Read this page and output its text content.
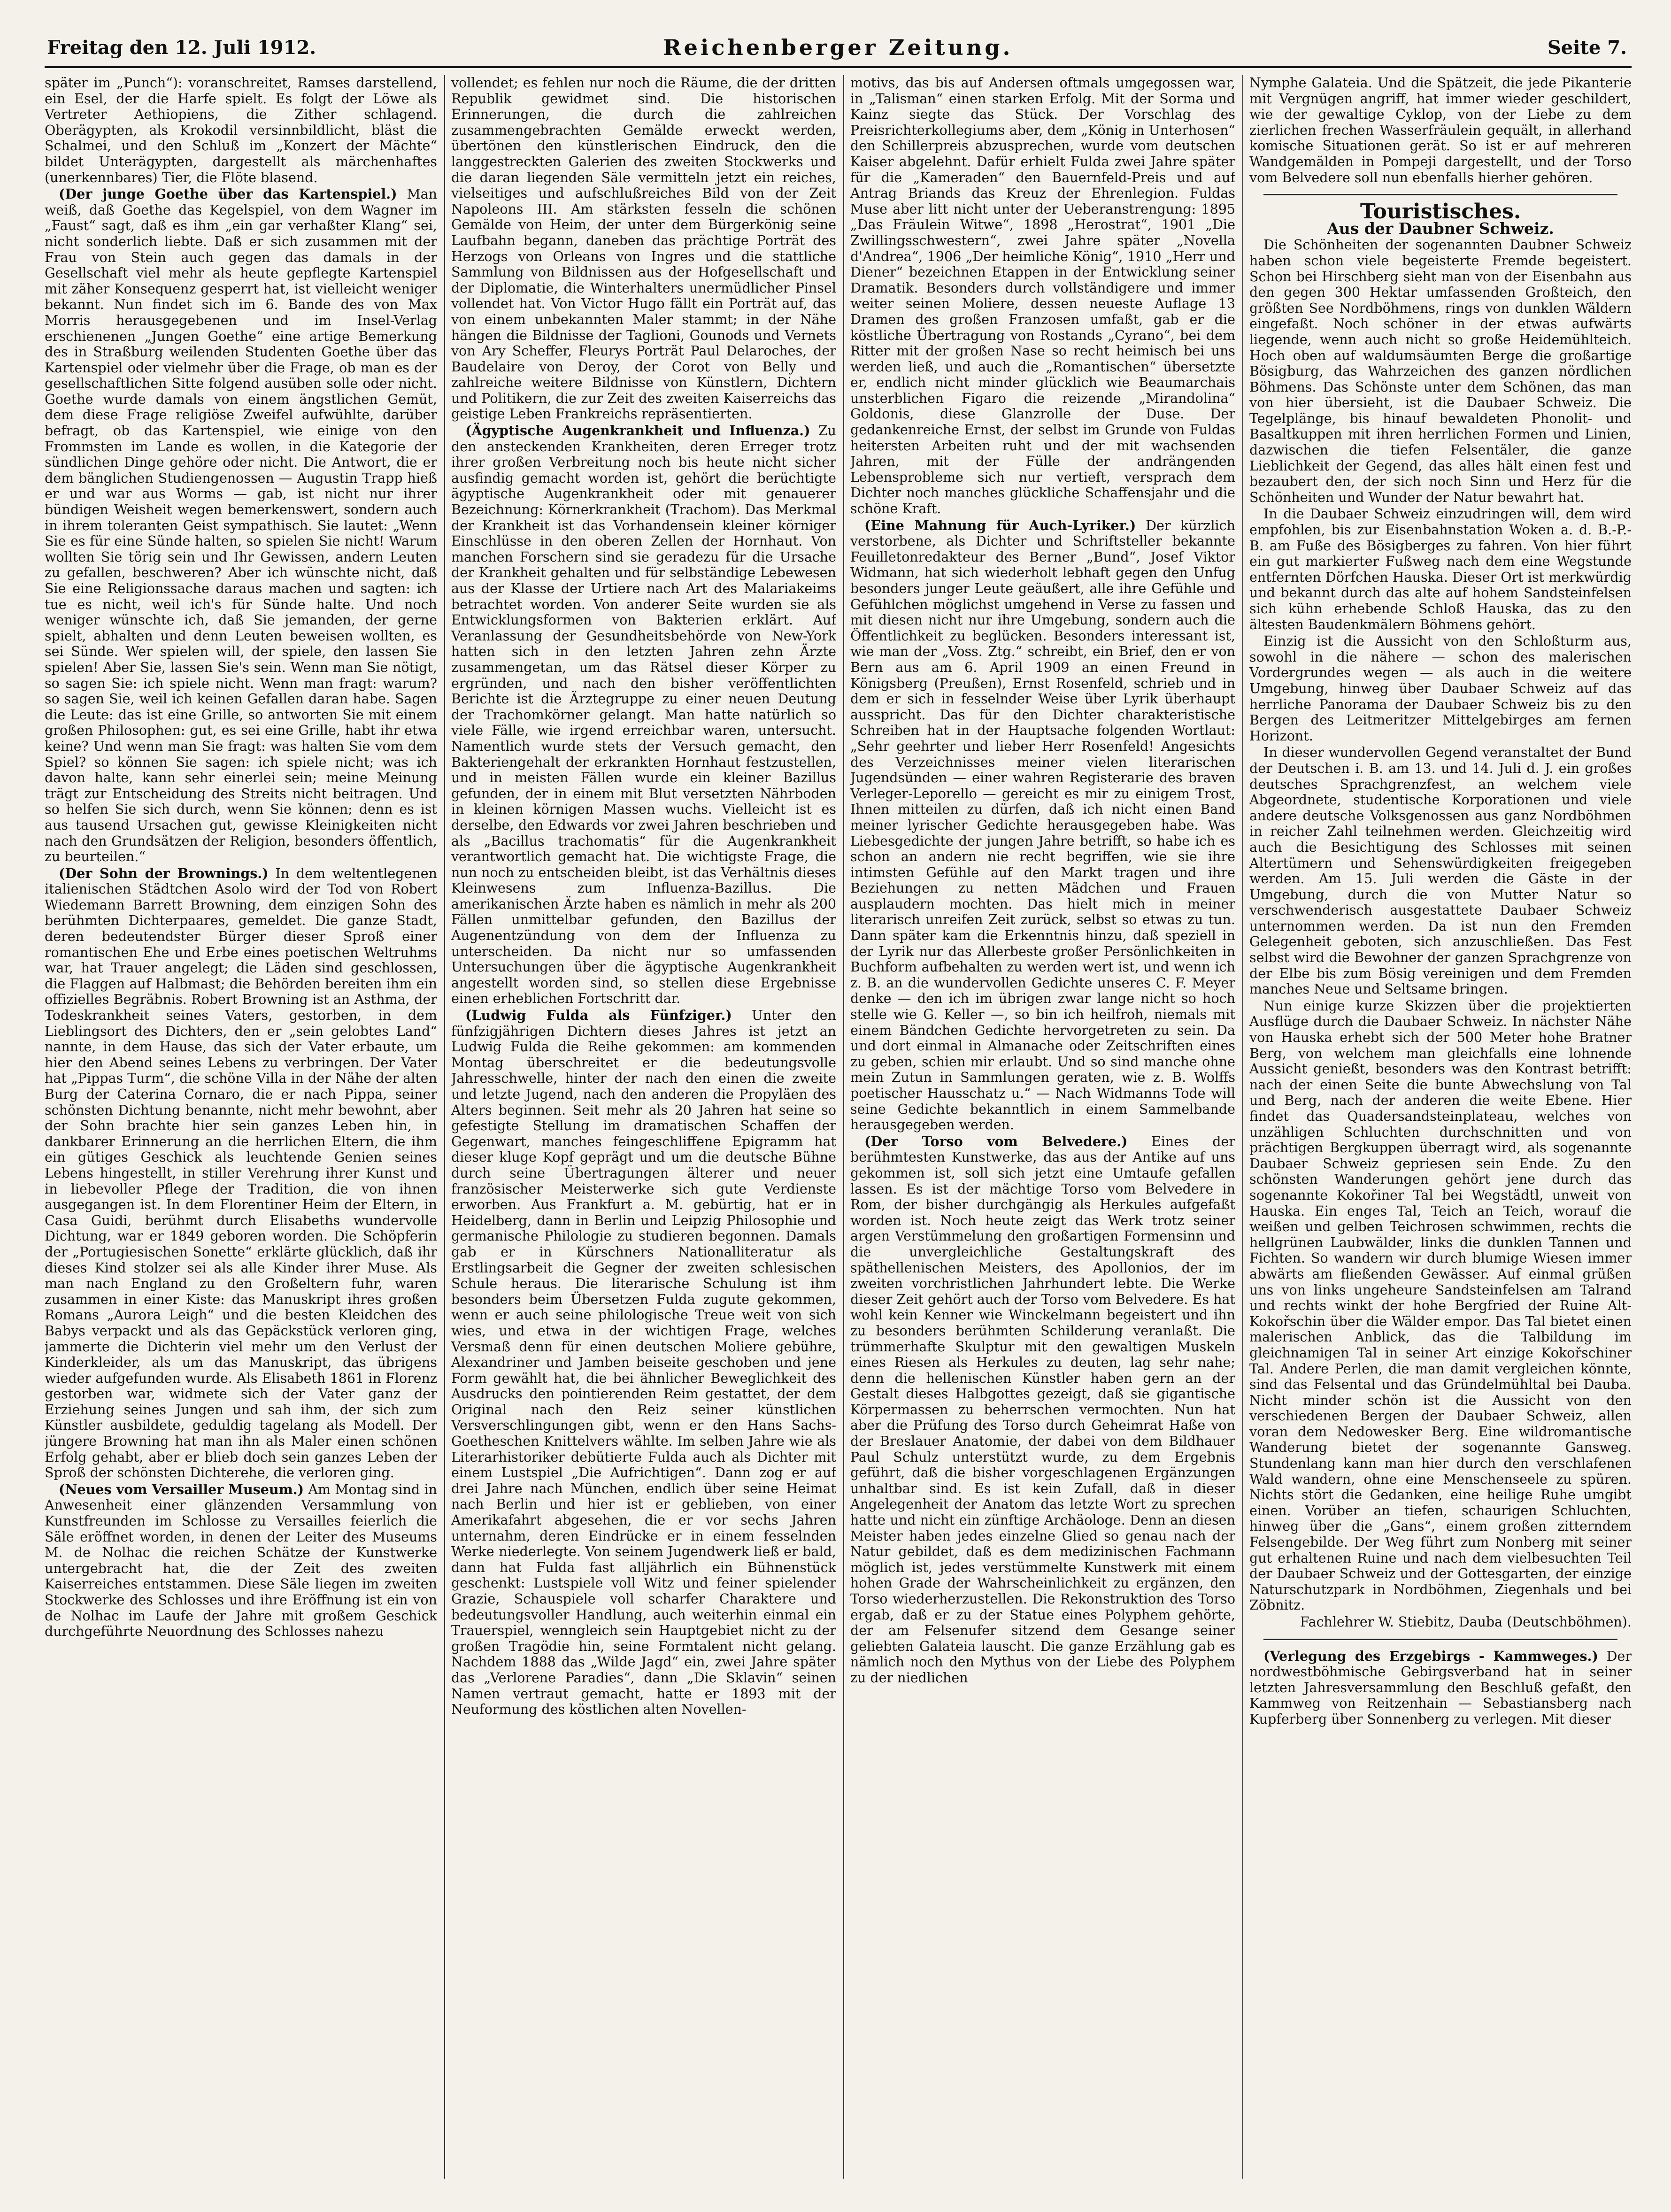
Freitag den 12. Juli 1912.	Reichenberger Zeitung.	Seite 7.

später im „Punch“): voranschreitet, Ramses darstellend, ein Esel, der die Harfe spielt. Es folgt der Löwe als Vertreter Aethiopiens, die Zither schlagend. Oberägypten, als Krokodil versinnbildlicht, bläst die Schalmei, und den Schluß im „Konzert der Mächte“ bildet Unterägypten, dargestellt als märchenhaftes (unerkennbares) Tier, die Flöte blasend.

(Der junge Goethe über das Kartenspiel.) Man weiß, daß Goethe das Kegelspiel, von dem Wagner im „Faust“ sagt, daß es ihm „ein gar verhaßter Klang“ sei, nicht sonderlich liebte. Daß er sich zusammen mit der Frau von Stein auch gegen das damals in der Gesellschaft viel mehr als heute gepflegte Kartenspiel mit zäher Konsequenz gesperrt hat, ist vielleicht weniger bekannt. Nun findet sich im 6. Bande des von Max Morris herausgegebenen und im Insel-Verlag erschienenen „Jungen Goethe“ eine artige Bemerkung des in Straßburg weilenden Studenten Goethe über das Kartenspiel oder vielmehr über die Frage, ob man es der gesellschaftlichen Sitte folgend ausüben solle oder nicht. Goethe wurde damals von einem ängstlichen Gemüt, dem diese Frage religiöse Zweifel aufwühlte, darüber befragt, ob das Kartenspiel, wie einige von den Frommsten im Lande es wollen, in die Kategorie der sündlichen Dinge gehöre oder nicht. Die Antwort, die er dem bänglichen Studiengenossen — Augustin Trapp hieß er und war aus Worms — gab, ist nicht nur ihrer bündigen Weisheit wegen bemerkenswert, sondern auch in ihrem toleranten Geist sympathisch. Sie lautet: „Wenn Sie es für eine Sünde halten, so spielen Sie nicht! Warum wollten Sie törig sein und Ihr Gewissen, andern Leuten zu gefallen, beschweren? Aber ich wünschte nicht, daß Sie eine Religionssache daraus machen und sagten: ich tue es nicht, weil ich's für Sünde halte. Und noch weniger wünschte ich, daß Sie jemanden, der gerne spielt, abhalten und denn Leuten beweisen wollten, es sei Sünde. Wer spielen will, der spiele, den lassen Sie spielen! Aber Sie, lassen Sie's sein. Wenn man Sie nötigt, so sagen Sie: ich spiele nicht. Wenn man fragt: warum? so sagen Sie, weil ich keinen Gefallen daran habe. Sagen die Leute: das ist eine Grille, so antworten Sie mit einem großen Philosophen: gut, es sei eine Grille, habt ihr etwa keine? Und wenn man Sie fragt: was halten Sie vom dem Spiel? so können Sie sagen: ich spiele nicht; was ich davon halte, kann sehr einerlei sein; meine Meinung trägt zur Entscheidung des Streits nicht beitragen. Und so helfen Sie sich durch, wenn Sie können; denn es ist aus tausend Ursachen gut, gewisse Kleinigkeiten nicht nach den Grundsätzen der Religion, besonders öffentlich, zu beurteilen.“

(Der Sohn der Brownings.) In dem weltentlegenen italienischen Städtchen Asolo wird der Tod von Robert Wiedemann Barrett Browning, dem einzigen Sohn des berühmten Dichterpaares, gemeldet. Die ganze Stadt, deren bedeutendster Bürger dieser Sproß einer romantischen Ehe und Erbe eines poetischen Weltruhms war, hat Trauer angelegt; die Läden sind geschlossen, die Flaggen auf Halbmast; die Behörden bereiten ihm ein offizielles Begräbnis. Robert Browning ist an Asthma, der Todeskrankheit seines Vaters, gestorben, in dem Lieblingsort des Dichters, den er „sein gelobtes Land“ nannte, in dem Hause, das sich der Vater erbaute, um hier den Abend seines Lebens zu verbringen. Der Vater hat „Pippas Turm“, die schöne Villa in der Nähe der alten Burg der Caterina Cornaro, die er nach Pippa, seiner schönsten Dichtung benannte, nicht mehr bewohnt, aber der Sohn brachte hier sein ganzes Leben hin, in dankbarer Erinnerung an die herrlichen Eltern, die ihm ein gütiges Geschick als leuchtende Genien seines Lebens hingestellt, in stiller Verehrung ihrer Kunst und in liebevoller Pflege der Tradition, die von ihnen ausgegangen ist. In dem Florentiner Heim der Eltern, in Casa Guidi, berühmt durch Elisabeths wundervolle Dichtung, war er 1849 geboren worden. Die Schöpferin der „Portugiesischen Sonette“ erklärte glücklich, daß ihr dieses Kind stolzer sei als alle Kinder ihrer Muse. Als man nach England zu den Großeltern fuhr, waren zusammen in einer Kiste: das Manuskript ihres großen Romans „Aurora Leigh“ und die besten Kleidchen des Babys verpackt und als das Gepäckstück verloren ging, jammerte die Dichterin viel mehr um den Verlust der Kinderkleider, als um das Manuskript, das übrigens wieder aufgefunden wurde. Als Elisabeth 1861 in Florenz gestorben war, widmete sich der Vater ganz der Erziehung seines Jungen und sah ihm, der sich zum Künstler ausbildete, geduldig tagelang als Modell. Der jüngere Browning hat man ihn als Maler einen schönen Erfolg gehabt, aber er blieb doch sein ganzes Leben der Sproß der schönsten Dichterehe, die verloren ging.

(Neues vom Versailler Museum.) Am Montag sind in Anwesenheit einer glänzenden Versammlung von Kunstfreunden im Schlosse zu Versailles feierlich die Säle eröffnet worden, in denen der Leiter des Museums M. de Nolhac die reichen Schätze der Kunstwerke untergebracht hat, die der Zeit des zweiten Kaiserreiches entstammen. Diese Säle liegen im zweiten Stockwerke des Schlosses und ihre Eröffnung ist ein von de Nolhac im Laufe der Jahre mit großem Geschick durchgeführte Neuordnung des Schlosses nahezu

vollendet; es fehlen nur noch die Räume, die der dritten Republik gewidmet sind. Die historischen Erinnerungen, die durch die zahlreichen zusammengebrachten Gemälde erweckt werden, übertönen den künstlerischen Eindruck, den die langgestreckten Galerien des zweiten Stockwerks und die daran liegenden Säle vermitteln jetzt ein reiches, vielseitiges und aufschlußreiches Bild von der Zeit Napoleons III. Am stärksten fesseln die schönen Gemälde von Heim, der unter dem Bürgerkönig seine Laufbahn begann, daneben das prächtige Porträt des Herzogs von Orleans von Ingres und die stattliche Sammlung von Bildnissen aus der Hofgesellschaft und der Diplomatie, die Winterhalters unermüdlicher Pinsel vollendet hat. Von Victor Hugo fällt ein Porträt auf, das von einem unbekannten Maler stammt; in der Nähe hängen die Bildnisse der Taglioni, Gounods und Vernets von Ary Scheffer, Fleurys Porträt Paul Delaroches, der Baudelaire von Deroy, der Corot von Belly und zahlreiche weitere Bildnisse von Künstlern, Dichtern und Politikern, die zur Zeit des zweiten Kaiserreichs das geistige Leben Frankreichs repräsentierten.

(Ägyptische Augenkrankheit und Influenza.) Zu den ansteckenden Krankheiten, deren Erreger trotz ihrer großen Verbreitung noch bis heute nicht sicher ausfindig gemacht worden ist, gehört die berüchtigte ägyptische Augenkrankheit oder mit genauerer Bezeichnung: Körnerkrankheit (Trachom). Das Merkmal der Krankheit ist das Vorhandensein kleiner körniger Einschlüsse in den oberen Zellen der Hornhaut. Von manchen Forschern sind sie geradezu für die Ursache der Krankheit gehalten und für selbständige Lebewesen aus der Klasse der Urtiere nach Art des Malariakeims betrachtet worden. Von anderer Seite wurden sie als Entwicklungsformen von Bakterien erklärt. Auf Veranlassung der Gesundheitsbehörde von New-York hatten sich in den letzten Jahren zehn Ärzte zusammengetan, um das Rätsel dieser Körper zu ergründen, und nach den bisher veröffentlichten Berichte ist die Ärztegruppe zu einer neuen Deutung der Trachomkörner gelangt. Man hatte natürlich so viele Fälle, wie irgend erreichbar waren, untersucht. Namentlich wurde stets der Versuch gemacht, den Bakteriengehalt der erkrankten Hornhaut festzustellen, und in meisten Fällen wurde ein kleiner Bazillus gefunden, der in einem mit Blut versetzten Nährboden in kleinen körnigen Massen wuchs. Vielleicht ist es derselbe, den Edwards vor zwei Jahren beschrieben und als „Bacillus trachomatis“ für die Augenkrankheit verantwortlich gemacht hat. Die wichtigste Frage, die nun noch zu entscheiden bleibt, ist das Verhältnis dieses Kleinwesens zum Influenza-Bazillus. Die amerikanischen Ärzte haben es nämlich in mehr als 200 Fällen unmittelbar gefunden, den Bazillus der Augenentzündung von dem der Influenza zu unterscheiden. Da nicht nur so umfassenden Untersuchungen über die ägyptische Augenkrankheit angestellt worden sind, so stellen diese Ergebnisse einen erheblichen Fortschritt dar.

(Ludwig Fulda als Fünfziger.) Unter den fünfzigjährigen Dichtern dieses Jahres ist jetzt an Ludwig Fulda die Reihe gekommen: am kommenden Montag überschreitet er die bedeutungsvolle Jahresschwelle, hinter der nach den einen die zweite und letzte Jugend, nach den anderen die Propyläen des Alters beginnen. Seit mehr als 20 Jahren hat seine so gefestigte Stellung im dramatischen Schaffen der Gegenwart, manches feingeschliffene Epigramm hat dieser kluge Kopf geprägt und um die deutsche Bühne durch seine Übertragungen älterer und neuer französischer Meisterwerke sich gute Verdienste erworben. Aus Frankfurt a. M. gebürtig, hat er in Heidelberg, dann in Berlin und Leipzig Philosophie und germanische Philologie zu studieren begonnen. Damals gab er in Kürschners Nationalliteratur als Erstlingsarbeit die Gegner der zweiten schlesischen Schule heraus. Die literarische Schulung ist ihm besonders beim Übersetzen Fulda zugute gekommen, wenn er auch seine philologische Treue weit von sich wies, und etwa in der wichtigen Frage, welches Versmaß denn für einen deutschen Moliere gebühre, Alexandriner und Jamben beiseite geschoben und jene Form gewählt hat, die bei ähnlicher Beweglichkeit des Ausdrucks den pointierenden Reim gestattet, der dem Original nach den Reiz seiner künstlichen Versverschlingungen gibt, wenn er den Hans Sachs-Goetheschen Knittelvers wählte. Im selben Jahre wie als Literarhistoriker debütierte Fulda auch als Dichter mit einem Lustspiel „Die Aufrichtigen“. Dann zog er auf drei Jahre nach München, endlich über seine Heimat nach Berlin und hier ist er geblieben, von einer Amerikafahrt abgesehen, die er vor sechs Jahren unternahm, deren Eindrücke er in einem fesselnden Werke niederlegte. Von seinem Jugendwerk ließ er bald, dann hat Fulda fast alljährlich ein Bühnenstück geschenkt: Lustspiele voll Witz und feiner spielender Grazie, Schauspiele voll scharfer Charaktere und bedeutungsvoller Handlung, auch weiterhin einmal ein Trauerspiel, wenngleich sein Hauptgebiet nicht zu der großen Tragödie hin, seine Formtalent nicht gelang. Nachdem 1888 das „Wilde Jagd“ ein, zwei Jahre später das „Verlorene Paradies“, dann „Die Sklavin“ seinen Namen vertraut gemacht, hatte er 1893 mit der Neuformung des köstlichen alten Novellen-

motivs, das bis auf Andersen oftmals umgegossen war, in „Talisman“ einen starken Erfolg. Mit der Sorma und Kainz siegte das Stück. Der Vorschlag des Preisrichterkollegiums aber, dem „König in Unterhosen“ den Schillerpreis abzusprechen, wurde vom deutschen Kaiser abgelehnt. Dafür erhielt Fulda zwei Jahre später für die „Kameraden“ den Bauernfeld-Preis und auf Antrag Briands das Kreuz der Ehrenlegion. Fuldas Muse aber litt nicht unter der Ueberanstrengung: 1895 „Das Fräulein Witwe“, 1898 „Herostrat“, 1901 „Die Zwillingsschwestern“, zwei Jahre später „Novella d'Andrea“, 1906 „Der heimliche König“, 1910 „Herr und Diener“ bezeichnen Etappen in der Entwicklung seiner Dramatik. Besonders durch vollständigere und immer weiter seinen Moliere, dessen neueste Auflage 13 Dramen des großen Franzosen umfaßt, gab er die köstliche Übertragung von Rostands „Cyrano“, bei dem Ritter mit der großen Nase so recht heimisch bei uns werden ließ, und auch die „Romantischen“ übersetzte er, endlich nicht minder glücklich wie Beaumarchais unsterblichen Figaro die reizende „Mirandolina“ Goldonis, diese Glanzrolle der Duse. Der gedankenreiche Ernst, der selbst im Grunde von Fuldas heitersten Arbeiten ruht und der mit wachsenden Jahren, mit der Fülle der andrängenden Lebensprobleme sich nur vertieft, versprach dem Dichter noch manches glückliche Schaffensjahr und die schöne Kraft.

(Eine Mahnung für Auch-Lyriker.) Der kürzlich verstorbene, als Dichter und Schriftsteller bekannte Feuilletonredakteur des Berner „Bund“, Josef Viktor Widmann, hat sich wiederholt lebhaft gegen den Unfug besonders junger Leute geäußert, alle ihre Gefühle und Gefühlchen möglichst umgehend in Verse zu fassen und mit diesen nicht nur ihre Umgebung, sondern auch die Öffentlichkeit zu beglücken. Besonders interessant ist, wie man der „Voss. Ztg.“ schreibt, ein Brief, den er von Bern aus am 6. April 1909 an einen Freund in Königsberg (Preußen), Ernst Rosenfeld, schrieb und in dem er sich in fesselnder Weise über Lyrik überhaupt ausspricht. Das für den Dichter charakteristische Schreiben hat in der Hauptsache folgenden Wortlaut: „Sehr geehrter und lieber Herr Rosenfeld! Angesichts des Verzeichnisses meiner vielen literarischen Jugendsünden — einer wahren Registerarie des braven Verleger-Leporello — gereicht es mir zu einigem Trost, Ihnen mitteilen zu dürfen, daß ich nicht einen Band meiner lyrischer Gedichte herausgegeben habe. Was Liebesgedichte der jungen Jahre betrifft, so habe ich es schon an andern nie recht begriffen, wie sie ihre intimsten Gefühle auf den Markt tragen und ihre Beziehungen zu netten Mädchen und Frauen ausplaudern mochten. Das hielt mich in meiner literarisch unreifen Zeit zurück, selbst so etwas zu tun. Dann später kam die Erkenntnis hinzu, daß speziell in der Lyrik nur das Allerbeste großer Persönlichkeiten in Buchform aufbehalten zu werden wert ist, und wenn ich z. B. an die wundervollen Gedichte unseres C. F. Meyer denke — den ich im übrigen zwar lange nicht so hoch stelle wie G. Keller —, so bin ich heilfroh, niemals mit einem Bändchen Gedichte hervorgetreten zu sein. Da und dort einmal in Almanache oder Zeitschriften eines zu geben, schien mir erlaubt. Und so sind manche ohne mein Zutun in Sammlungen geraten, wie z. B. Wolffs poetischer Hausschatz u.“ — Nach Widmanns Tode will seine Gedichte bekanntlich in einem Sammelbande herausgegeben werden.

(Der Torso vom Belvedere.) Eines der berühmtesten Kunstwerke, das aus der Antike auf uns gekommen ist, soll sich jetzt eine Umtaufe gefallen lassen. Es ist der mächtige Torso vom Belvedere in Rom, der bisher durchgängig als Herkules aufgefaßt worden ist. Noch heute zeigt das Werk trotz seiner argen Verstümmelung den großartigen Formensinn und die unvergleichliche Gestaltungskraft des späthellenischen Meisters, des Apollonios, der im zweiten vorchristlichen Jahrhundert lebte. Die Werke dieser Zeit gehört auch der Torso vom Belvedere. Es hat wohl kein Kenner wie Winckelmann begeistert und ihn zu besonders berühmten Schilderung veranlaßt. Die trümmerhafte Skulptur mit den gewaltigen Muskeln eines Riesen als Herkules zu deuten, lag sehr nahe; denn die hellenischen Künstler haben gern an der Gestalt dieses Halbgottes gezeigt, daß sie gigantische Körpermassen zu beherrschen vermochten. Nun hat aber die Prüfung des Torso durch Geheimrat Haße von der Breslauer Anatomie, der dabei von dem Bildhauer Paul Schulz unterstützt wurde, zu dem Ergebnis geführt, daß die bisher vorgeschlagenen Ergänzungen unhaltbar sind. Es ist kein Zufall, daß in dieser Angelegenheit der Anatom das letzte Wort zu sprechen hatte und nicht ein zünftige Archäologe. Denn an diesen Meister haben jedes einzelne Glied so genau nach der Natur gebildet, daß es dem medizinischen Fachmann möglich ist, jedes verstümmelte Kunstwerk mit einem hohen Grade der Wahrscheinlichkeit zu ergänzen, den Torso wiederherzustellen. Die Rekonstruktion des Torso ergab, daß er zu der Statue eines Polyphem gehörte, der am Felsenufer sitzend dem Gesange seiner geliebten Galateia lauscht. Die ganze Erzählung gab es nämlich noch den Mythus von der Liebe des Polyphem zu der niedlichen

Nymphe Galateia. Und die Spätzeit, die jede Pikanterie mit Vergnügen angriff, hat immer wieder geschildert, wie der gewaltige Cyklop, von der Liebe zu dem zierlichen frechen Wasserfräulein gequält, in allerhand komische Situationen gerät. So ist er auf mehreren Wandgemälden in Pompeji dargestellt, und der Torso vom Belvedere soll nun ebenfalls hierher gehören.

Touristisches.

Aus der Daubner Schweiz.

Die Schönheiten der sogenannten Daubner Schweiz haben schon viele begeisterte Fremde begeistert. Schon bei Hirschberg sieht man von der Eisenbahn aus den gegen 300 Hektar umfassenden Großteich, den größten See Nordböhmens, rings von dunklen Wäldern eingefaßt. Noch schöner in der etwas aufwärts liegende, wenn auch nicht so große Heidemühlteich. Hoch oben auf waldumsäumten Berge die großartige Bösigburg, das Wahrzeichen des ganzen nördlichen Böhmens. Das Schönste unter dem Schönen, das man von hier übersieht, ist die Daubaer Schweiz. Die Tegelplänge, bis hinauf bewaldeten Phonolit- und Basaltkuppen mit ihren herrlichen Formen und Linien, dazwischen die tiefen Felsentäler, die ganze Lieblichkeit der Gegend, das alles hält einen fest und bezaubert den, der sich noch Sinn und Herz für die Schönheiten und Wunder der Natur bewahrt hat.

In die Daubaer Schweiz einzudringen will, dem wird empfohlen, bis zur Eisenbahnstation Woken a. d. B.-P.-B. am Fuße des Bösigberges zu fahren. Von hier führt ein gut markierter Fußweg nach dem eine Wegstunde entfernten Dörfchen Hauska. Dieser Ort ist merkwürdig und bekannt durch das alte auf hohem Sandsteinfelsen sich kühn erhebende Schloß Hauska, das zu den ältesten Baudenkmälern Böhmens gehört.

Einzig ist die Aussicht von den Schloßturm aus, sowohl in die nähere — schon des malerischen Vordergrundes wegen — als auch in die weitere Umgebung, hinweg über Daubaer Schweiz auf das herrliche Panorama der Daubaer Schweiz bis zu den Bergen des Leitmeritzer Mittelgebirges am fernen Horizont.

In dieser wundervollen Gegend veranstaltet der Bund der Deutschen i. B. am 13. und 14. Juli d. J. ein großes deutsches Sprachgrenzfest, an welchem viele Abgeordnete, studentische Korporationen und viele andere deutsche Volksgenossen aus ganz Nordböhmen in reicher Zahl teilnehmen werden. Gleichzeitig wird auch die Besichtigung des Schlosses mit seinen Altertümern und Sehenswürdigkeiten freigegeben werden. Am 15. Juli werden die Gäste in der Umgebung, durch die von Mutter Natur so verschwenderisch ausgestattete Daubaer Schweiz unternommen werden. Da ist nun den Fremden Gelegenheit geboten, sich anzuschließen. Das Fest selbst wird die Bewohner der ganzen Sprachgrenze von der Elbe bis zum Bösig vereinigen und dem Fremden manches Neue und Seltsame bringen.

Nun einige kurze Skizzen über die projektierten Ausflüge durch die Daubaer Schweiz. In nächster Nähe von Hauska erhebt sich der 500 Meter hohe Bratner Berg, von welchem man gleichfalls eine lohnende Aussicht genießt, besonders was den Kontrast betrifft: nach der einen Seite die bunte Abwechslung von Tal und Berg, nach der anderen die weite Ebene. Hier findet das Quadersandsteinplateau, welches von unzähligen Schluchten durchschnitten und von prächtigen Bergkuppen überragt wird, als sogenannte Daubaer Schweiz gepriesen sein Ende. Zu den schönsten Wanderungen gehört jene durch das sogenannte Kokořiner Tal bei Wegstädtl, unweit von Hauska. Ein enges Tal, Teich an Teich, worauf die weißen und gelben Teichrosen schwimmen, rechts die hellgrünen Laubwälder, links die dunklen Tannen und Fichten. So wandern wir durch blumige Wiesen immer abwärts am fließenden Gewässer. Auf einmal grüßen uns von links ungeheure Sandsteinfelsen am Talrand und rechts winkt der hohe Bergfried der Ruine Alt-Kokořschin über die Wälder empor. Das Tal bietet einen malerischen Anblick, das die Talbildung im gleichnamigen Tal in seiner Art einzige Kokořschiner Tal. Andere Perlen, die man damit vergleichen könnte, sind das Felsental und das Gründelmühltal bei Dauba. Nicht minder schön ist die Aussicht von den verschiedenen Bergen der Daubaer Schweiz, allen voran dem Nedowesker Berg. Eine wildromantische Wanderung bietet der sogenannte Gansweg. Stundenlang kann man hier durch den verschlafenen Wald wandern, ohne eine Menschenseele zu spüren. Nichts stört die Gedanken, eine heilige Ruhe umgibt einen. Vorüber an tiefen, schaurigen Schluchten, hinweg über die „Gans“, einem großen zitterndem Felsengebilde. Der Weg führt zum Nonberg mit seiner gut erhaltenen Ruine und nach dem vielbesuchten Teil der Daubaer Schweiz und der Gottesgarten, der einzige Naturschutzpark in Nordböhmen, Ziegenhals und bei Zöbnitz.

Fachlehrer W. Stiebitz, Dauba (Deutschböhmen).

(Verlegung des Erzgebirgs - Kammweges.) Der nordwestböhmische Gebirgsverband hat in seiner letzten Jahresversammlung den Beschluß gefaßt, den Kammweg von Reitzenhain — Sebastiansberg nach Kupferberg über Sonnenberg zu verlegen. Mit dieser
